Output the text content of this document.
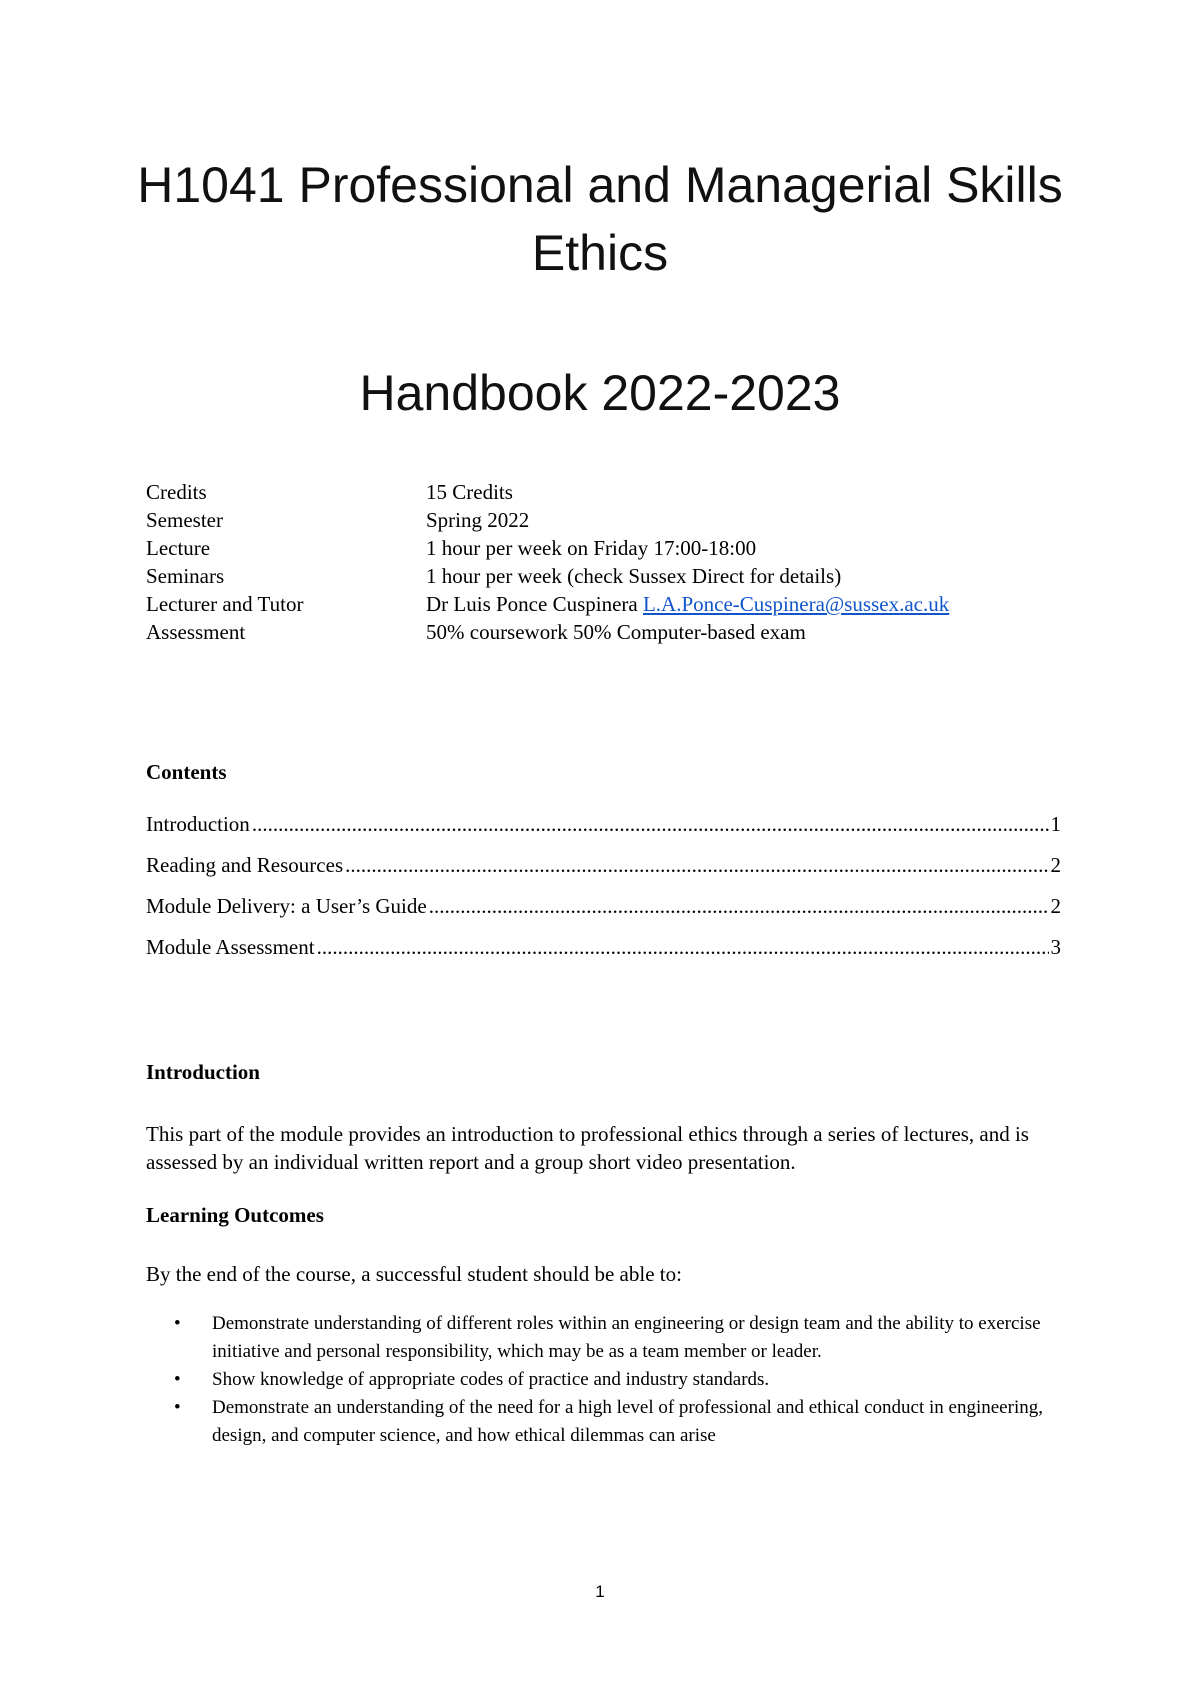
H1041 Professional and Managerial Skills
Ethics
Handbook 2022-2023
Credits	15 Credits
Semester	Spring 2022
Lecture	1 hour per week on Friday 17:00-18:00
Seminars	1 hour per week (check Sussex Direct for details)
Lecturer and Tutor	Dr Luis Ponce Cuspinera L.A.Ponce-Cuspinera@sussex.ac.uk
Assessment	50% coursework 50% Computer-based exam
Contents
Introduction .....	1
Reading and Resources .....	2
Module Delivery: a User’s Guide .....	2
Module Assessment .....	3
Introduction
This part of the module provides an introduction to professional ethics through a series of lectures, and is assessed by an individual written report and a group short video presentation.
Learning Outcomes
By the end of the course, a successful student should be able to:
• Demonstrate understanding of different roles within an engineering or design team and the ability to exercise initiative and personal responsibility, which may be as a team member or leader.
• Show knowledge of appropriate codes of practice and industry standards.
• Demonstrate an understanding of the need for a high level of professional and ethical conduct in engineering, design, and computer science, and how ethical dilemmas can arise
1
